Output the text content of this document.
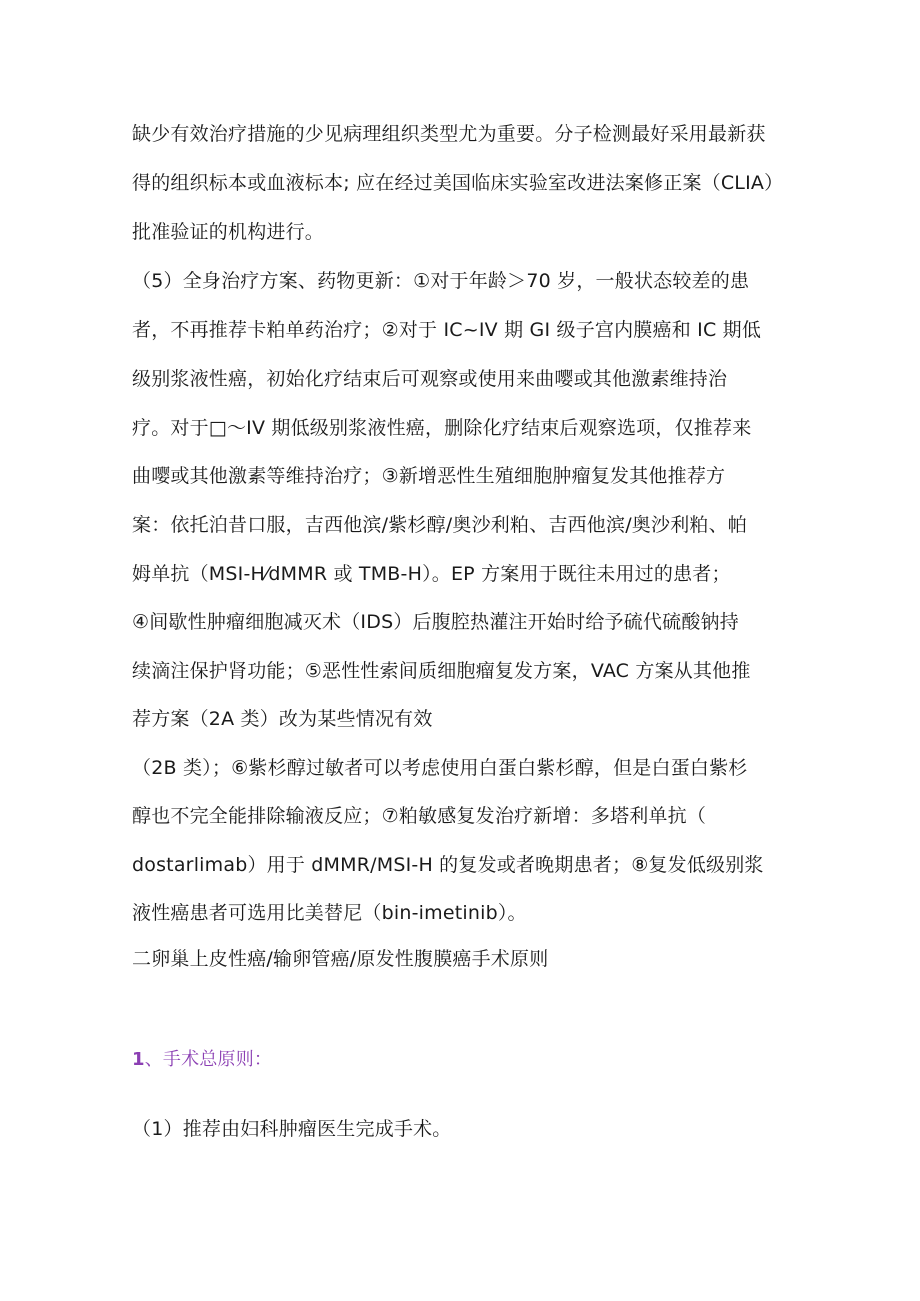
缺少有效治疗措施的少见病理组织类型尤为重要。分子检测最好采用最新获
得的组织标本或血液标本; 应在经过美国临床实验室改进法案修正案（CLIA）
批准验证的机构进行。
（5）全身治疗方案、药物更新：①对于年龄＞70 岁，一般状态较差的患
者，不再推荐卡粕单药治疗；②对于 IC~IV 期 GI 级子宫内膜癌和 IC 期低
级别浆液性癌，初始化疗结束后可观察或使用来曲嘤或其他激素维持治
疗。对于□～IV 期低级别浆液性癌，删除化疗结束后观察选项，仅推荐来
曲嘤或其他激素等维持治疗；③新增恶性生殖细胞肿瘤复发其他推荐方
案：依托泊昔口服，吉西他滨/紫杉醇/奥沙利粕、吉西他滨/奥沙利粕、帕
姆单抗（MSI-H⁄dMMR 或 TMB-H）。EP 方案用于既往未用过的患者；
④间歇性肿瘤细胞减灭术（IDS）后腹腔热灌注开始时给予硫代硫酸钠持
续滴注保护肾功能；⑤恶性性索间质细胞瘤复发方案，VAC 方案从其他推
荐方案（2A 类）改为某些情况有效
（2B 类）；⑥紫杉醇过敏者可以考虑使用白蛋白紫杉醇，但是白蛋白紫杉
醇也不完全能排除输液反应；⑦粕敏感复发治疗新增：多塔利单抗（
dostarlimab）用于 dMMR/MSI-H 的复发或者晚期患者；⑧复发低级别浆
液性癌患者可选用比美替尼（bin-imetinib）。
二卵巢上皮性癌/输卵管癌/原发性腹膜癌手术原则
1、手术总原则：
（1）推荐由妇科肿瘤医生完成手术。
